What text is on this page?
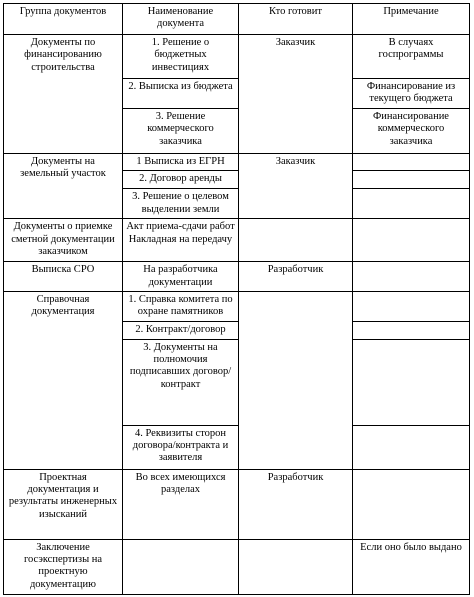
Группа документов	Наименование документа	Кто готовит	Примечание
Документы по финансированию строительства	1. Решение о бюджетных инвестициях	Заказчик	В случаях госпрограммы
	2. Выписка из бюджета		Финансирование из текущего бюджета
	3. Решение коммерческого заказчика		Финансирование коммерческого заказчика
Документы на земельный участок	1 Выписка из ЕГРН	Заказчик	
	2. Договор аренды		
	3. Решение о целевом выделении земли		
Документы о приемке сметной документации заказчиком	Акт приема-сдачи работ Накладная на передачу		
Выписка СРО	На разработчика документации	Разработчик	
Справочная документация	1. Справка комитета по охране памятников		
	2. Контракт/договор		
	3. Документы на полномочия подписавших договор/контракт		
	4. Реквизиты сторон договора/контракта и заявителя		
Проектная документация и результаты инженерных изысканий	Во всех имеющихся разделах	Разработчик	
Заключение госэкспертизы на проектную документацию			Если оно было выдано
